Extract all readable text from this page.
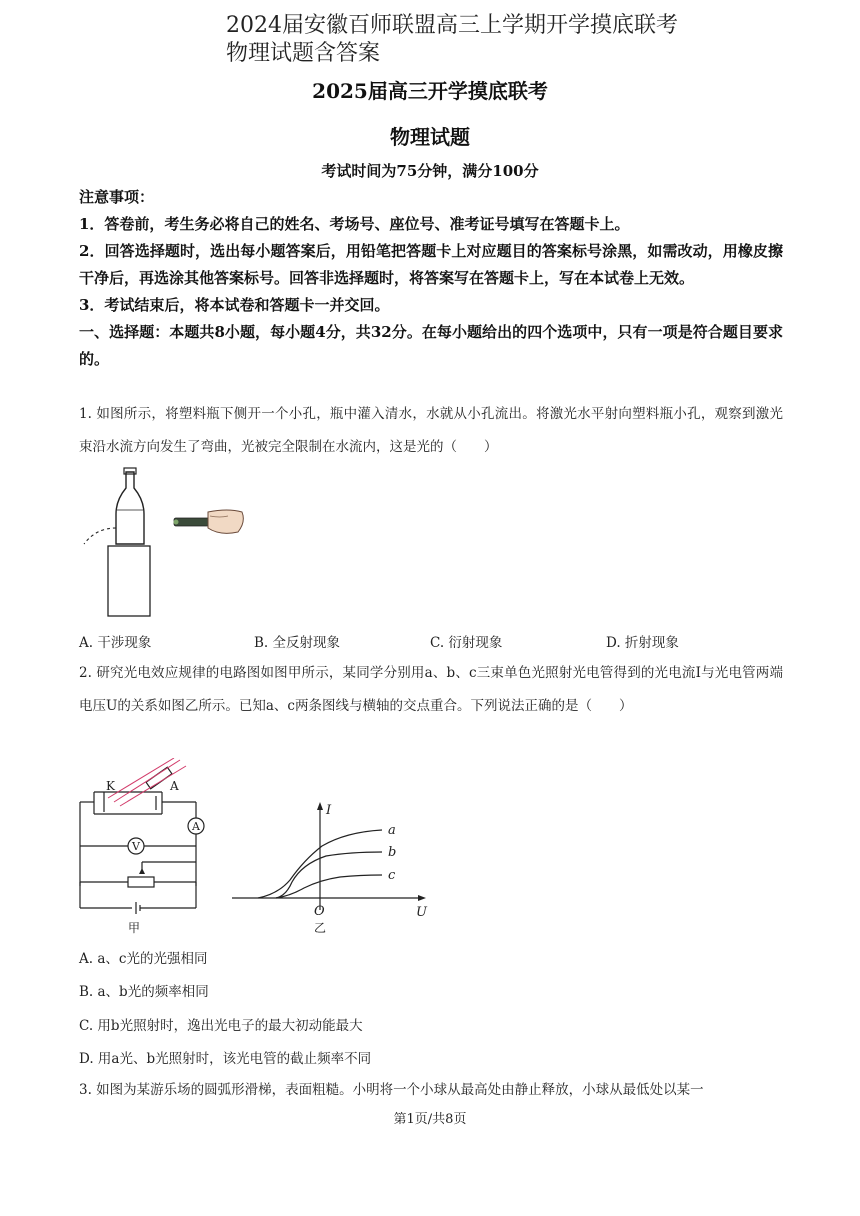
2024届安徽百师联盟高三上学期开学摸底联考
物理试题含答案
2025届高三开学摸底联考
物理试题
考试时间为75分钟，满分100分
注意事项：
1．答卷前，考生务必将自己的姓名、考场号、座位号、准考证号填写在答题卡上。
2．回答选择题时，选出每小题答案后，用铅笔把答题卡上对应题目的答案标号涂黑，如需改动，用橡皮擦干净后，再选涂其他答案标号。回答非选择题时，将答案写在答题卡上，写在本试卷上无效。
3．考试结束后，将本试卷和答题卡一并交回。
一、选择题：本题共8小题，每小题4分，共32分。在每小题给出的四个选项中，只有一项是符合题目要求的。
1. 如图所示，将塑料瓶下侧开一个小孔，瓶中灌入清水，水就从小孔流出。将激光水平射向塑料瓶小孔，观察到激光束沿水流方向发生了弯曲，光被完全限制在水流内，这是光的（　　）
A. 干涉现象	B. 全反射现象	C. 衍射现象	D. 折射现象
2. 研究光电效应规律的电路图如图甲所示，某同学分别用a、b、c三束单色光照射光电管得到的光电流I与光电管两端电压U的关系如图乙所示。已知a、c两条图线与横轴的交点重合。下列说法正确的是（　　）
K	A
A
V
甲
I
U
O
a
b
c
乙
A. a、c光的光强相同
B. a、b光的频率相同
C. 用b光照射时，逸出光电子的最大初动能最大
D. 用a光、b光照射时，该光电管的截止频率不同
3. 如图为某游乐场的圆弧形滑梯，表面粗糙。小明将一个小球从最高处由静止释放，小球从最低处以某一
第1页/共8页
